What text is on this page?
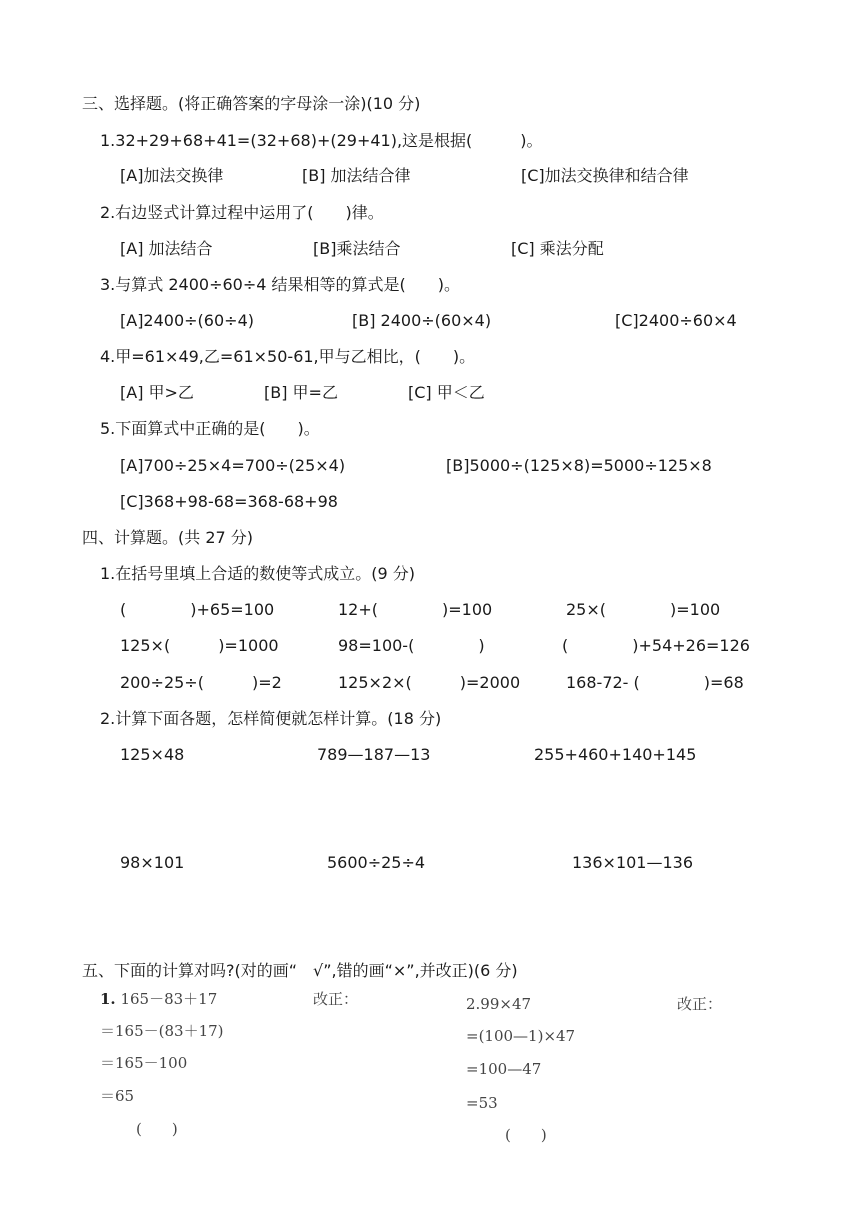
三、选择题。(将正确答案的字母涂一涂)(10 分)
1.32+29+68+41=(32+68)+(29+41),这是根据(　　　)。
[A]加法交换律	[B] 加法结合律	[C]加法交换律和结合律
2.右边竖式计算过程中运用了(　　)律。
[A] 加法结合	[B]乘法结合	[C] 乘法分配
3.与算式 2400÷60÷4 结果相等的算式是(　　)。
[A]2400÷(60÷4)	[B] 2400÷(60×4)	[C]2400÷60×4
4.甲=61×49,乙=61×50-61,甲与乙相比，(　　)。
[A] 甲>乙	[B] 甲=乙	[C] 甲＜乙
5.下面算式中正确的是(　　)。
[A]700÷25×4=700÷(25×4)	[B]5000÷(125×8)=5000÷125×8
[C]368+98-68=368-68+98
四、计算题。(共 27 分)
1.在括号里填上合适的数使等式成立。(9 分)
(　　　　)+65=100	12+(　　　　)=100	25×(　　　　)=100
125×(　　　)=1000	98=100-(　　　　)	(　　　　)+54+26=126
200÷25÷(　　　)=2	125×2×(　　　)=2000	168-72- (　　　　)=68
2.计算下面各题，怎样简便就怎样计算。(18 分)
125×48	789—187—13	255+460+140+145
98×101	5600÷25÷4	136×101—136
五、下面的计算对吗?(对的画“　√”,错的画“×”,并改正)(6 分)
1. 165－83＋17
＝165－(83＋17)
＝165－100
＝65
(　　)
改正：	2.99×47
=(100—1)×47
=100—47
=53
(　　)
改正：
